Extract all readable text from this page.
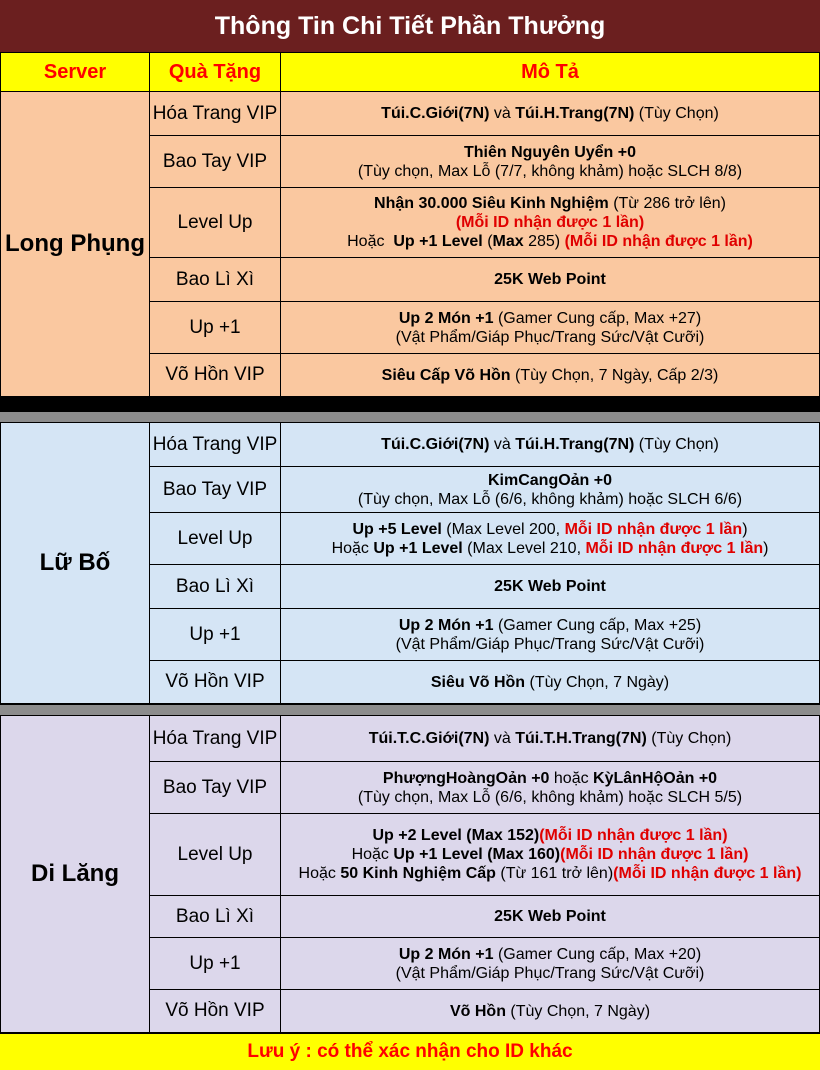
Thông Tin Chi Tiết Phần Thưởng
Server	Quà Tặng	Mô Tả
Long Phụng	Hóa Trang VIP	Túi.C.Giới(7N) và Túi.H.Trang(7N) (Tùy Chọn)

	Bao Tay VIP	Thiên Nguyên Uyển +0
(Tùy chọn, Max Lỗ (7/7, không khảm) hoặc SLCH 8/8)

	Level Up	Nhận 30.000 Siêu Kinh Nghiệm (Từ 286 trở lên)
(Mỗi ID nhận được 1 lần)
Hoặc  Up +1 Level (Max 285) (Mỗi ID nhận được 1 lần)

	Bao Lì Xì	25K Web Point

	Up +1	Up 2 Món +1 (Gamer Cung cấp, Max +27)
(Vật Phẩm/Giáp Phục/Trang Sức/Vật Cưỡi)

	Võ Hồn VIP	Siêu Cấp Võ Hồn (Tùy Chọn, 7 Ngày, Cấp 2/3)
Lữ Bố	Hóa Trang VIP	Túi.C.Giới(7N) và Túi.H.Trang(7N) (Tùy Chọn)

	Bao Tay VIP	KimCangOản +0
(Tùy chọn, Max Lỗ (6/6, không khảm) hoặc SLCH 6/6)

	Level Up	Up +5 Level (Max Level 200, Mỗi ID nhận được 1 lần)
Hoặc Up +1 Level (Max Level 210, Mỗi ID nhận được 1 lần)

	Bao Lì Xì	25K Web Point

	Up +1	Up 2 Món +1 (Gamer Cung cấp, Max +25)
(Vật Phẩm/Giáp Phục/Trang Sức/Vật Cưỡi)

	Võ Hồn VIP	Siêu Võ Hồn (Tùy Chọn, 7 Ngày)
Di Lăng	Hóa Trang VIP	Túi.T.C.Giới(7N) và Túi.T.H.Trang(7N) (Tùy Chọn)

	Bao Tay VIP	PhượngHoàngOản +0 hoặc KỳLânHộOản +0
(Tùy chọn, Max Lỗ (6/6, không khảm) hoặc SLCH 5/5)

	Level Up	Up +2 Level (Max 152)(Mỗi ID nhận được 1 lần)
Hoặc Up +1 Level (Max 160)(Mỗi ID nhận được 1 lần)
Hoặc 50 Kinh Nghiệm Cấp (Từ 161 trở lên)(Mỗi ID nhận được 1 lần)

	Bao Lì Xì	25K Web Point

	Up +1	Up 2 Món +1 (Gamer Cung cấp, Max +20)
(Vật Phẩm/Giáp Phục/Trang Sức/Vật Cưỡi)

	Võ Hồn VIP	Võ Hồn (Tùy Chọn, 7 Ngày)
Lưu ý : có thể xác nhận cho ID khác
